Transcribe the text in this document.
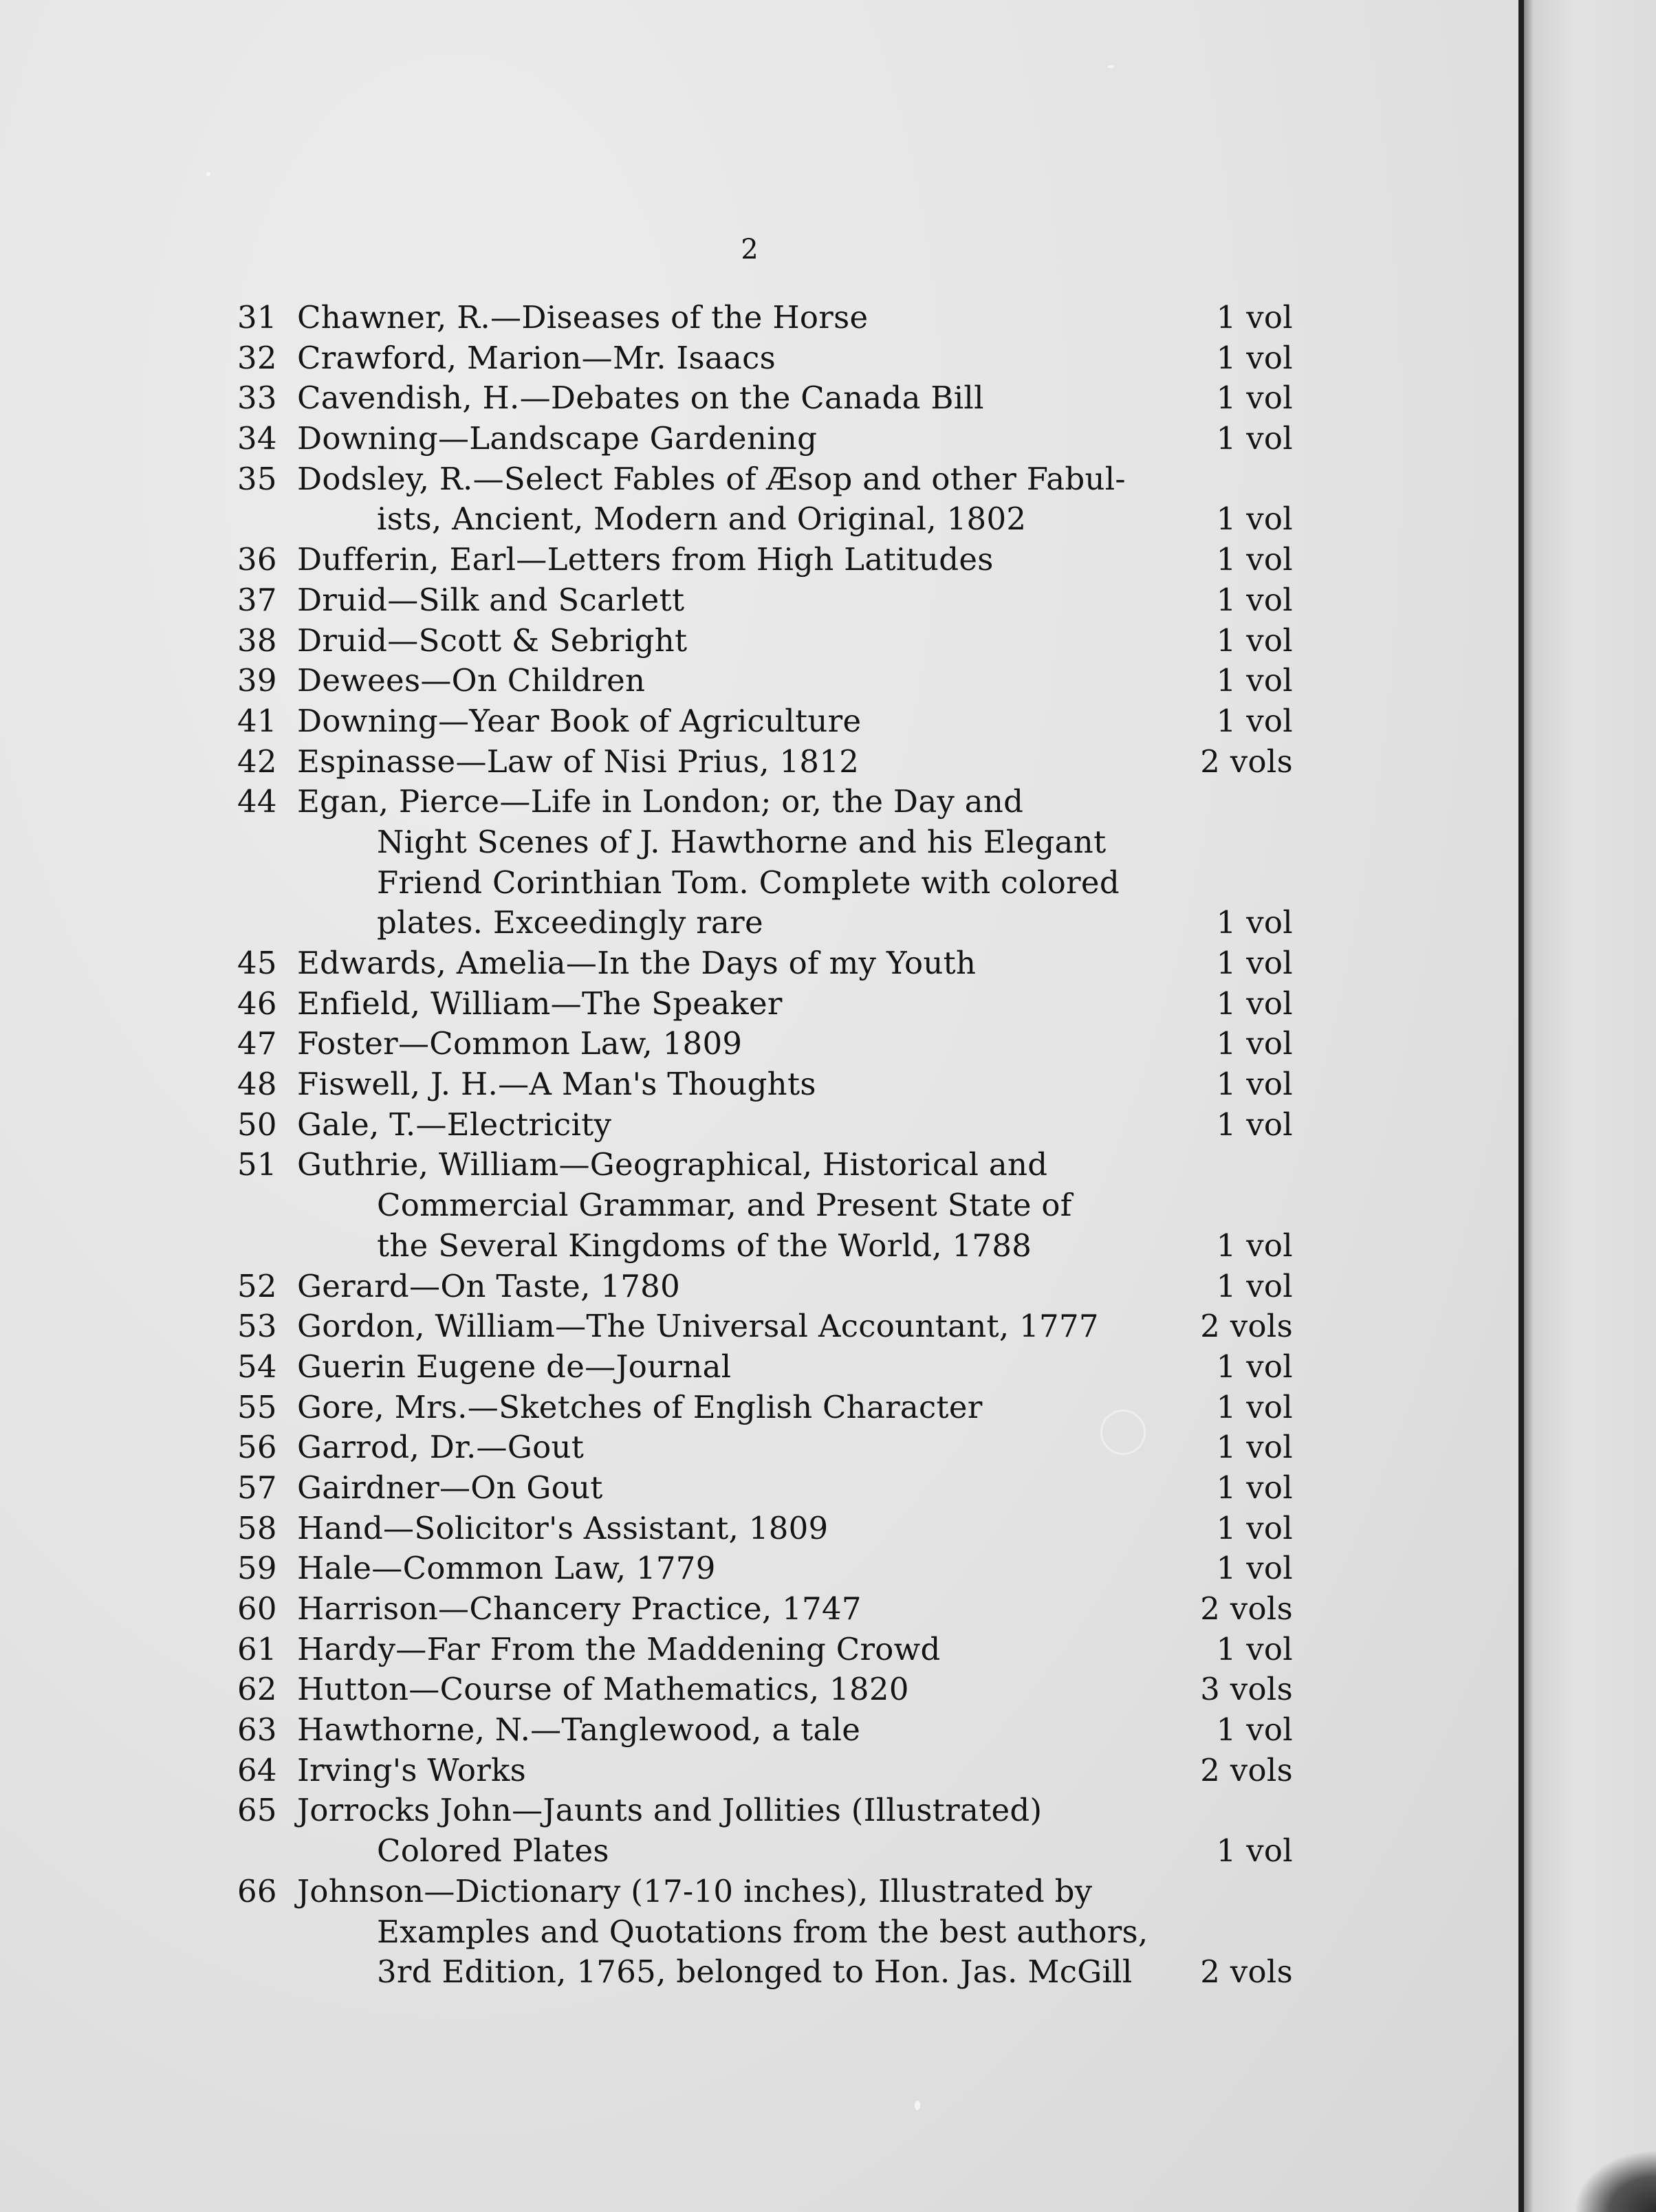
2
31 Chawner, R.—Diseases of the Horse	1 vol
32 Crawford, Marion—Mr. Isaacs	1 vol
33 Cavendish, H.—Debates on the Canada Bill	1 vol
34 Downing—Landscape Gardening	1 vol
35 Dodsley, R.—Select Fables of Æsop and other Fabul-
ists, Ancient, Modern and Original, 1802	1 vol
36 Dufferin, Earl—Letters from High Latitudes	1 vol
37 Druid—Silk and Scarlett	1 vol
38 Druid—Scott & Sebright	1 vol
39 Dewees—On Children	1 vol
41 Downing—Year Book of Agriculture	1 vol
42 Espinasse—Law of Nisi Prius, 1812	2 vols
44 Egan, Pierce—Life in London; or, the Day and
Night Scenes of J. Hawthorne and his Elegant
Friend Corinthian Tom. Complete with colored
plates. Exceedingly rare	1 vol
45 Edwards, Amelia—In the Days of my Youth	1 vol
46 Enfield, William—The Speaker	1 vol
47 Foster—Common Law, 1809	1 vol
48 Fiswell, J. H.—A Man's Thoughts	1 vol
50 Gale, T.—Electricity	1 vol
51 Guthrie, William—Geographical, Historical and
Commercial Grammar, and Present State of
the Several Kingdoms of the World, 1788	1 vol
52 Gerard—On Taste, 1780	1 vol
53 Gordon, William—The Universal Accountant, 1777	2 vols
54 Guerin Eugene de—Journal	1 vol
55 Gore, Mrs.—Sketches of English Character	1 vol
56 Garrod, Dr.—Gout	1 vol
57 Gairdner—On Gout	1 vol
58 Hand—Solicitor's Assistant, 1809	1 vol
59 Hale—Common Law, 1779	1 vol
60 Harrison—Chancery Practice, 1747	2 vols
61 Hardy—Far From the Maddening Crowd	1 vol
62 Hutton—Course of Mathematics, 1820	3 vols
63 Hawthorne, N.—Tanglewood, a tale	1 vol
64 Irving's Works	2 vols
65 Jorrocks John—Jaunts and Jollities (Illustrated)
Colored Plates	1 vol
66 Johnson—Dictionary (17-10 inches), Illustrated by
Examples and Quotations from the best authors,
3rd Edition, 1765, belonged to Hon. Jas. McGill	2 vols
